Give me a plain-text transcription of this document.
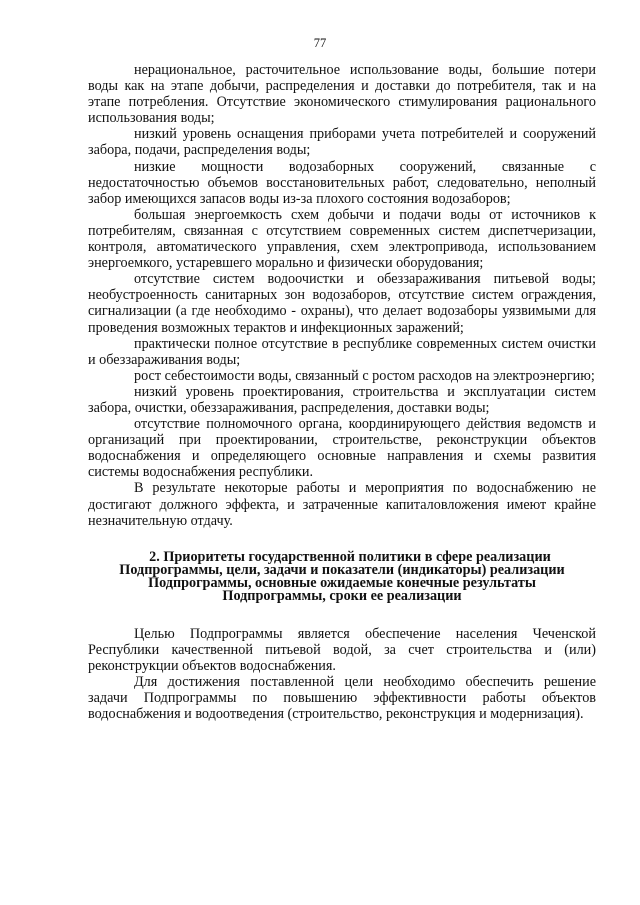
77

нерациональное, расточительное использование воды, большие потери воды как на этапе добычи, распределения и доставки до потребителя, так и на этапе потребления. Отсутствие экономического стимулирования рационального использования воды;

низкий уровень оснащения приборами учета потребителей и сооружений забора, подачи, распределения воды;

низкие мощности водозаборных сооружений, связанные с недостаточностью объемов восстановительных работ, следовательно, неполный забор имеющихся запасов воды из-за плохого состояния водозаборов;

большая энергоемкость схем добычи и подачи воды от источников к потребителям, связанная с отсутствием современных систем диспетчеризации, контроля, автоматического управления, схем электропривода, использованием энергоемкого, устаревшего морально и физически оборудования;

отсутствие систем водоочистки и обеззараживания питьевой воды; необустроенность санитарных зон водозаборов, отсутствие систем ограждения, сигнализации (а где необходимо - охраны), что делает водозаборы уязвимыми для проведения возможных терактов и инфекционных заражений;

практически полное отсутствие в республике современных систем очистки и обеззараживания воды;

рост себестоимости воды, связанный с ростом расходов на электроэнергию;

низкий уровень проектирования, строительства и эксплуатации систем забора, очистки, обеззараживания, распределения, доставки воды;

отсутствие полномочного органа, координирующего действия ведомств и организаций при проектировании, строительстве, реконструкции объектов водоснабжения и определяющего основные направления и схемы развития системы водоснабжения республики.

В результате некоторые работы и мероприятия по водоснабжению не достигают должного эффекта, и затраченные капиталовложения имеют крайне незначительную отдачу.

2. Приоритеты государственной политики в сфере реализации
Подпрограммы, цели, задачи и показатели (индикаторы) реализации
Подпрограммы, основные ожидаемые конечные результаты
Подпрограммы, сроки ее реализации

Целью Подпрограммы является обеспечение населения Чеченской Республики качественной питьевой водой, за счет строительства и (или) реконструкции объектов водоснабжения.

Для достижения поставленной цели необходимо обеспечить решение задачи Подпрограммы по повышению эффективности работы объектов водоснабжения и водоотведения (строительство, реконструкция и модернизация).
